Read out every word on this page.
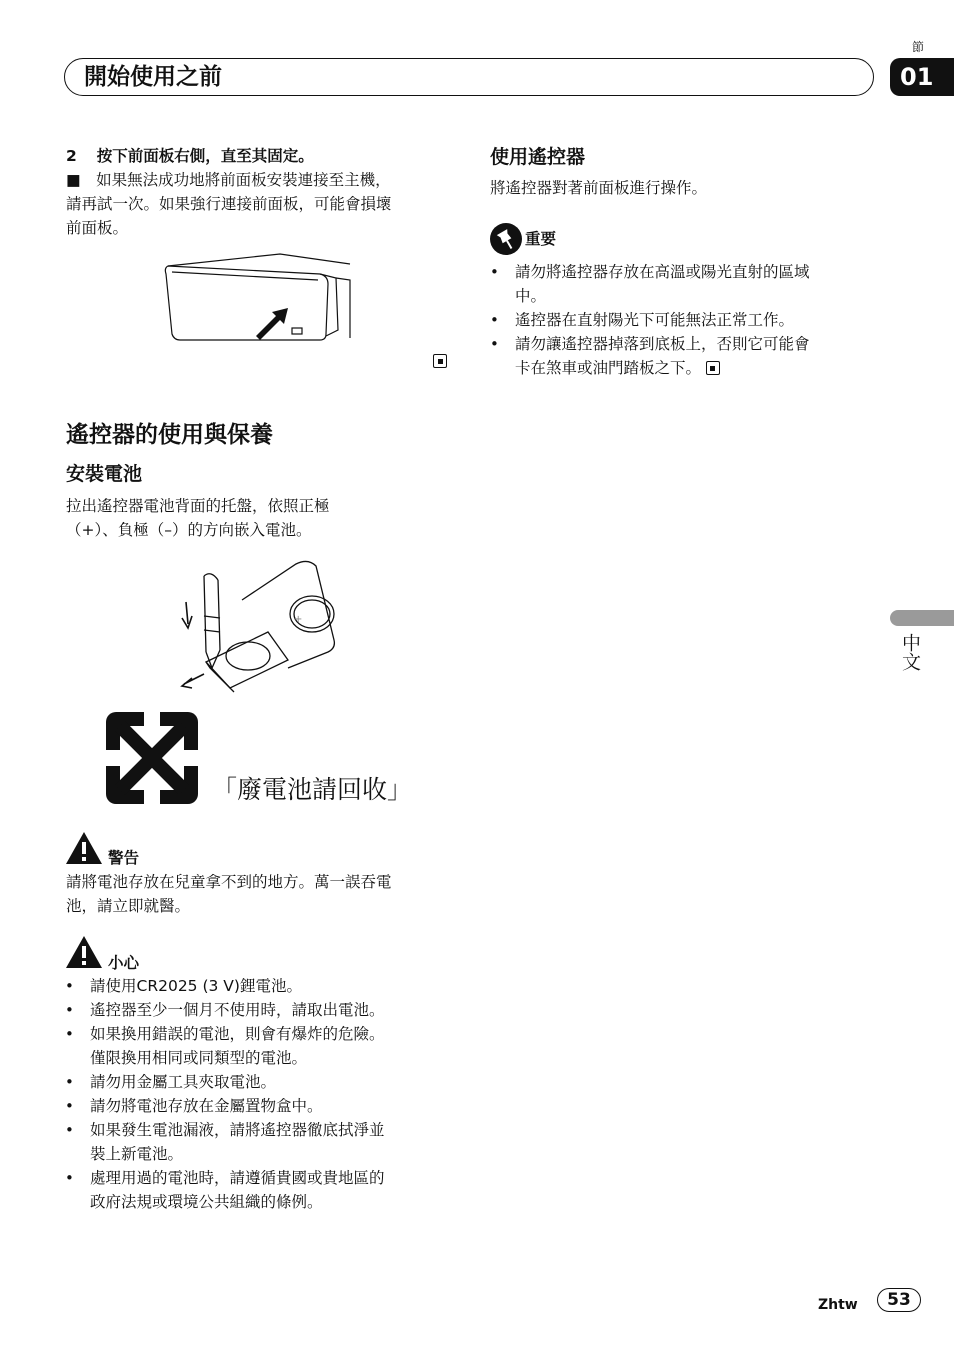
開始使用之前
節
01
2 按下前面板右側，直至其固定。
■　如果無法成功地將前面板安裝連接至主機，
請再試一次。如果強行連接前面板，可能會損壞
前面板。
遙控器的使用與保養
安裝電池
拉出遙控器電池背面的托盤，依照正極
（+）、負極（–）的方向嵌入電池。
+
「廢電池請回收」
警告
請將電池存放在兒童拿不到的地方。萬一誤吞電
池，請立即就醫。
小心
• 請使用CR2025 (3 V)鋰電池。
• 遙控器至少一個月不使用時，請取出電池。
• 如果換用錯誤的電池，則會有爆炸的危險。
僅限換用相同或同類型的電池。
• 請勿用金屬工具夾取電池。
• 請勿將電池存放在金屬置物盒中。
• 如果發生電池漏液，請將遙控器徹底拭淨並
裝上新電池。
• 處理用過的電池時，請遵循貴國或貴地區的
政府法規或環境公共組織的條例。
使用遙控器
將遙控器對著前面板進行操作。
重要
• 請勿將遙控器存放在高溫或陽光直射的區域
中。
• 遙控器在直射陽光下可能無法正常工作。
• 請勿讓遙控器掉落到底板上，否則它可能會
卡在煞車或油門踏板之下。
中文
Zhtw	53
